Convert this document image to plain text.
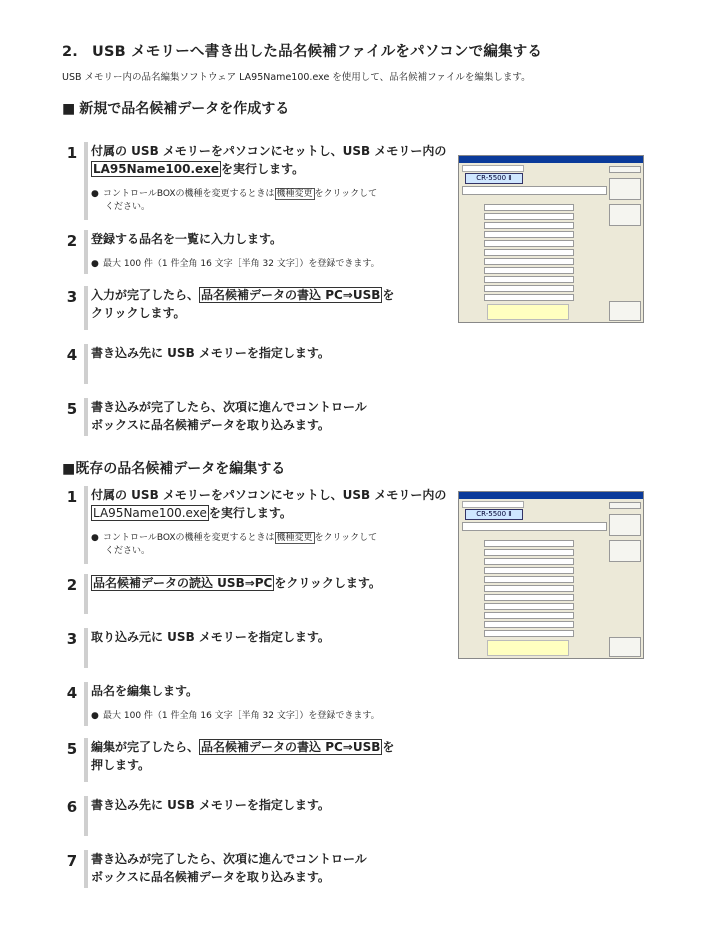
2. USB メモリーへ書き出した品名候補ファイルをパソコンで編集する
USB メモリー内の品名編集ソフトウェア LA95Name100.exe を使用して、品名候補ファイルを編集します。
■ 新規で品名候補データを作成する
1	付属の USB メモリーをパソコンにセットし、USB メモリー内の
LA95Name100.exe を実行します。
● コントロールBOXの機種を変更するときは 機種変更 をクリックして
ください。
2	登録する品名を一覧に入力します。
● 最大 100 件（1 件全角 16 文字［半角 32 文字］）を登録できます。
3	入力が完了したら、 品名候補データの書込 PC⇒USB を
クリックします。
4	書き込み先に USB メモリーを指定します。
5	書き込みが完了したら、次項に進んでコントロール
ボックスに品名候補データを取り込みます。
■既存の品名候補データを編集する
1	付属の USB メモリーをパソコンにセットし、USB メモリー内の
LA95Name100.exe を実行します。
● コントロールBOXの機種を変更するときは 機種変更 をクリックして
ください。
2	品名候補データの読込 USB⇒PC をクリックします。
3	取り込み元に USB メモリーを指定します。
4	品名を編集します。
● 最大 100 件（1 件全角 16 文字［半角 32 文字］）を登録できます。
5	編集が完了したら、 品名候補データの書込 PC⇒USB を
押します。
6	書き込み先に USB メモリーを指定します。
7	書き込みが完了したら、次項に進んでコントロール
ボックスに品名候補データを取り込みます。
CR-5500 Ⅱ
CR-5500 Ⅱ
